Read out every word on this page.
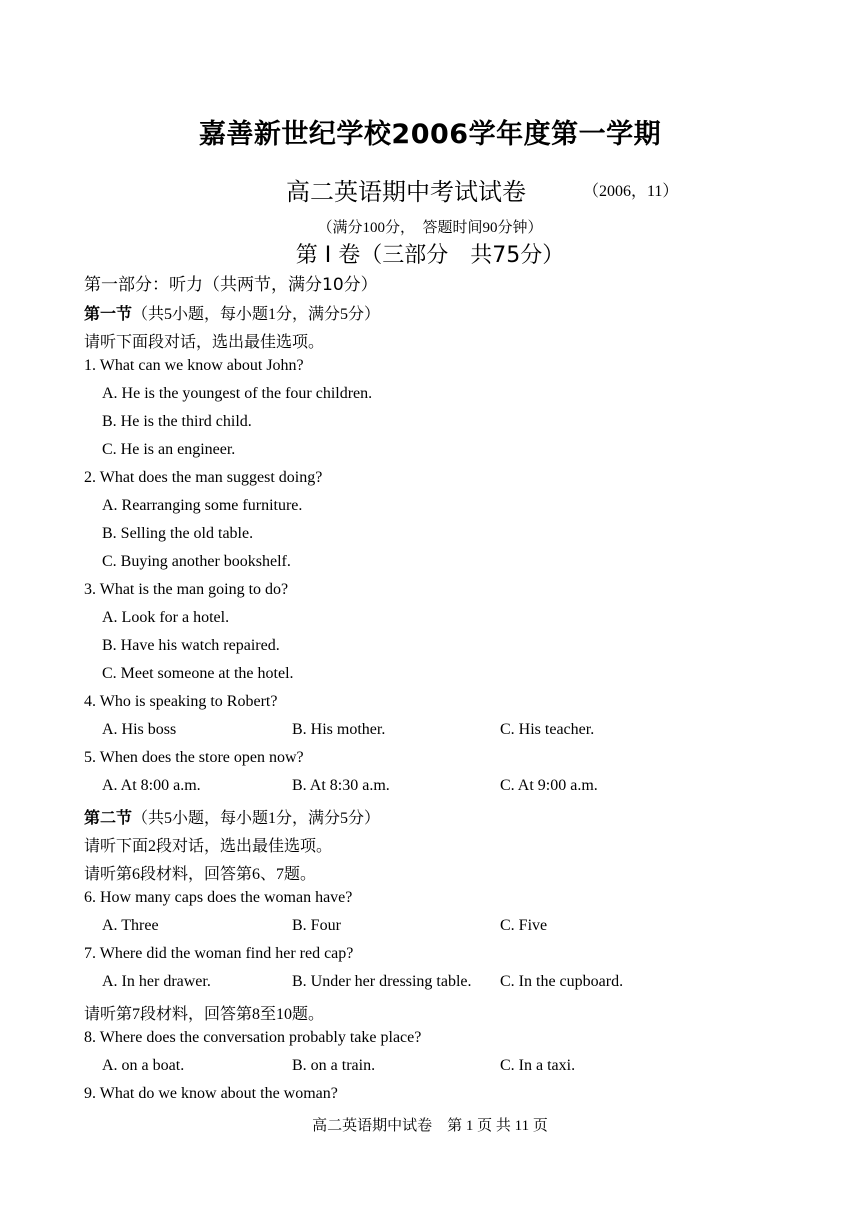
嘉善新世纪学校2006学年度第一学期
高二英语期中考试试卷	（2006，11）
（满分100分，　答题时间90分钟）
第 I 卷（三部分　共75分）
第一部分：听力（共两节，满分10分）
第一节（共5小题，每小题1分，满分5分）
请听下面段对话，选出最佳选项。
1. What can we know about John?
A. He is the youngest of the four children.
B. He is the third child.
C. He is an engineer.
2. What does the man suggest doing?
A. Rearranging some furniture.
B. Selling the old table.
C. Buying another bookshelf.
3. What is the man going to do?
A. Look for a hotel.
B. Have his watch repaired.
C. Meet someone at the hotel.
4. Who is speaking to Robert?
A. His boss	B. His mother.	C. His teacher.
5. When does the store open now?
A. At 8:00 a.m.	B. At 8:30 a.m.	C. At 9:00 a.m.
第二节（共5小题，每小题1分，满分5分）
请听下面2段对话，选出最佳选项。
请听第6段材料，回答第6、7题。
6. How many caps does the woman have?
A. Three	B. Four	C. Five
7. Where did the woman find her red cap?
A. In her drawer.	B. Under her dressing table. C. In the cupboard.
请听第7段材料，回答第8至10题。
8. Where does the conversation probably take place?
A. on a boat.	B. on a train.	C. In a taxi.
9. What do we know about the woman?
高二英语期中试卷　第 1 页 共 11 页
